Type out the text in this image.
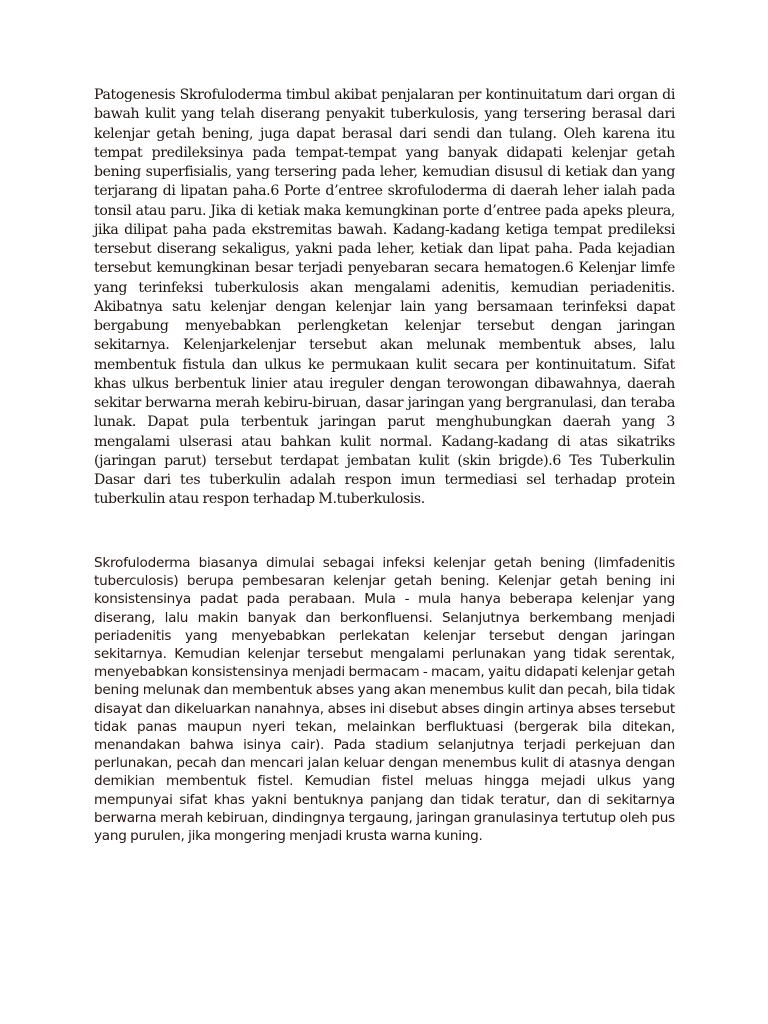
Patogenesis Skrofuloderma timbul akibat penjalaran per kontinuitatum dari organ di bawah kulit yang telah diserang penyakit tuberkulosis, yang tersering berasal dari kelenjar getah bening, juga dapat berasal dari sendi dan tulang. Oleh karena itu tempat predileksinya pada tempat-tempat yang banyak didapati kelenjar getah bening superfisialis, yang tersering pada leher, kemudian disusul di ketiak dan yang terjarang di lipatan paha.6 Porte d’entree skrofuloderma di daerah leher ialah pada tonsil atau paru. Jika di ketiak maka kemungkinan porte d’entree pada apeks pleura, jika dilipat paha pada ekstremitas bawah. Kadang-kadang ketiga tempat predileksi tersebut diserang sekaligus, yakni pada leher, ketiak dan lipat paha. Pada kejadian tersebut kemungkinan besar terjadi penyebaran secara hematogen.6 Kelenjar limfe yang terinfeksi tuberkulosis akan mengalami adenitis, kemudian periadenitis. Akibatnya satu kelenjar dengan kelenjar lain yang bersamaan terinfeksi dapat bergabung menyebabkan perlengketan kelenjar tersebut dengan jaringan sekitarnya. Kelenjarkelenjar tersebut akan melunak membentuk abses, lalu membentuk fistula dan ulkus ke permukaan kulit secara per kontinuitatum. Sifat khas ulkus berbentuk linier atau ireguler dengan terowongan dibawahnya, daerah sekitar berwarna merah kebiru-biruan, dasar jaringan yang bergranulasi, dan teraba lunak. Dapat pula terbentuk jaringan parut menghubungkan daerah yang 3 mengalami ulserasi atau bahkan kulit normal. Kadang-kadang di atas sikatriks (jaringan parut) tersebut terdapat jembatan kulit (skin brigde).6 Tes Tuberkulin Dasar dari tes tuberkulin adalah respon imun termediasi sel terhadap protein tuberkulin atau respon terhadap M.tuberkulosis.

Skrofuloderma biasanya dimulai sebagai infeksi kelenjar getah bening (limfadenitis tuberculosis) berupa pembesaran kelenjar getah bening. Kelenjar getah bening ini konsistensinya padat pada perabaan. Mula - mula hanya beberapa kelenjar yang diserang, lalu makin banyak dan berkonfluensi. Selanjutnya berkembang menjadi periadenitis yang menyebabkan perlekatan kelenjar tersebut dengan jaringan sekitarnya. Kemudian kelenjar tersebut mengalami perlunakan yang tidak serentak, menyebabkan konsistensinya menjadi bermacam - macam, yaitu didapati kelenjar getah bening melunak dan membentuk abses yang akan menembus kulit dan pecah, bila tidak disayat dan dikeluarkan nanahnya, abses ini disebut abses dingin artinya abses tersebut tidak panas maupun nyeri tekan, melainkan berfluktuasi (bergerak bila ditekan, menandakan bahwa isinya cair). Pada stadium selanjutnya terjadi perkejuan dan perlunakan, pecah dan mencari jalan keluar dengan menembus kulit di atasnya dengan demikian membentuk fistel. Kemudian fistel meluas hingga mejadi ulkus yang mempunyai sifat khas yakni bentuknya panjang dan tidak teratur, dan di sekitarnya berwarna merah kebiruan, dindingnya tergaung, jaringan granulasinya tertutup oleh pus yang purulen, jika mongering menjadi krusta warna kuning.
